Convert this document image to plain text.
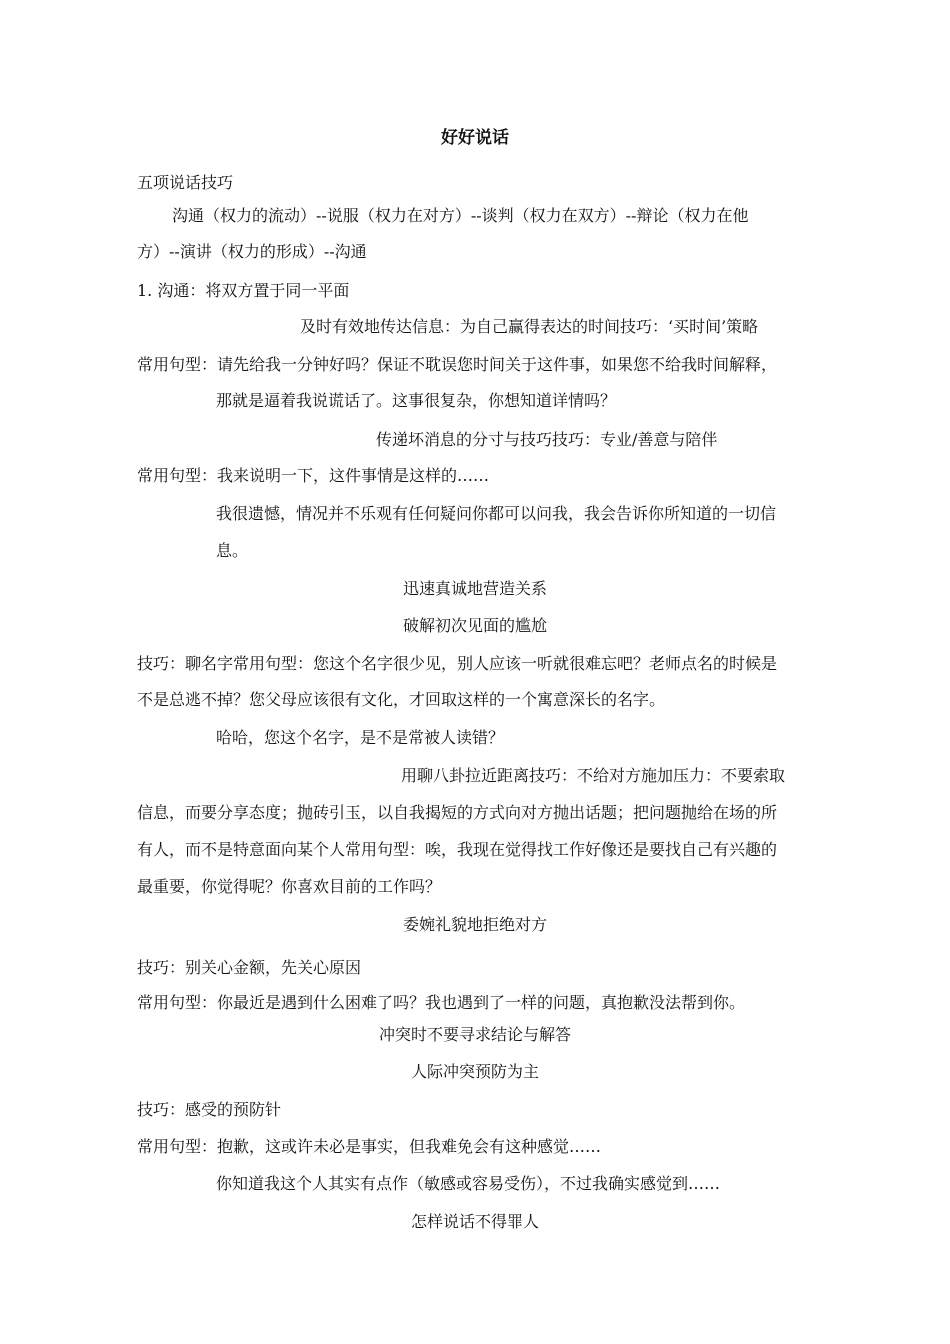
好好说话
五项说话技巧
沟通（权力的流动）--说服（权力在对方）--谈判（权力在双方）--辩论（权力在他
方）--演讲（权力的形成）--沟通
1. 沟通：将双方置于同一平面
及时有效地传达信息：为自己赢得表达的时间技巧：‘买时间’策略
常用句型：请先给我一分钟好吗？保证不耽误您时间关于这件事，如果您不给我时间解释，
那就是逼着我说谎话了。这事很复杂，你想知道详情吗？
传递坏消息的分寸与技巧技巧：专业/善意与陪伴
常用句型：我来说明一下，这件事情是这样的……
我很遗憾，情况并不乐观有任何疑问你都可以问我，我会告诉你所知道的一切信
息。
迅速真诚地营造关系
破解初次见面的尴尬
技巧：聊名字常用句型：您这个名字很少见，别人应该一听就很难忘吧？老师点名的时候是
不是总逃不掉？您父母应该很有文化，才回取这样的一个寓意深长的名字。
哈哈，您这个名字，是不是常被人读错？
用聊八卦拉近距离技巧：不给对方施加压力：不要索取
信息，而要分享态度；抛砖引玉，以自我揭短的方式向对方抛出话题；把问题抛给在场的所
有人，而不是特意面向某个人常用句型：唉，我现在觉得找工作好像还是要找自己有兴趣的
最重要，你觉得呢？你喜欢目前的工作吗？
委婉礼貌地拒绝对方
技巧：别关心金额，先关心原因
常用句型：你最近是遇到什么困难了吗？我也遇到了一样的问题，真抱歉没法帮到你。
冲突时不要寻求结论与解答
人际冲突预防为主
技巧：感受的预防针
常用句型：抱歉，这或许未必是事实，但我难免会有这种感觉……
你知道我这个人其实有点作（敏感或容易受伤），不过我确实感觉到……
怎样说话不得罪人
